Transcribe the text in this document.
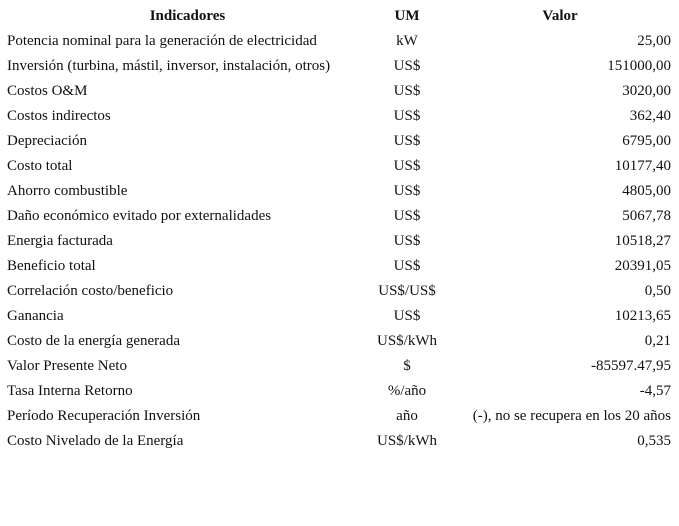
Indicadores	UM	Valor
Potencia nominal para la generación de electricidad	kW	25,00
Inversión (turbina, mástil, inversor, instalación, otros)	US$	151000,00
Costos O&M	US$	3020,00
Costos indirectos	US$	362,40
Depreciación	US$	6795,00
Costo total	US$	10177,40
Ahorro combustible	US$	4805,00
Daño económico evitado por externalidades	US$	5067,78
Energia facturada	US$	10518,27
Beneficio total	US$	20391,05
Correlación costo/beneficio	US$/US$	0,50
Ganancia	US$	10213,65
Costo de la energía generada	US$/kWh	0,21
Valor Presente Neto	$	-85597.47,95
Tasa Interna Retorno	%/año	-4,57
Período Recuperación Inversión	año	(-), no se recupera en los 20 años
Costo Nivelado de la Energía	US$/kWh	0,535
